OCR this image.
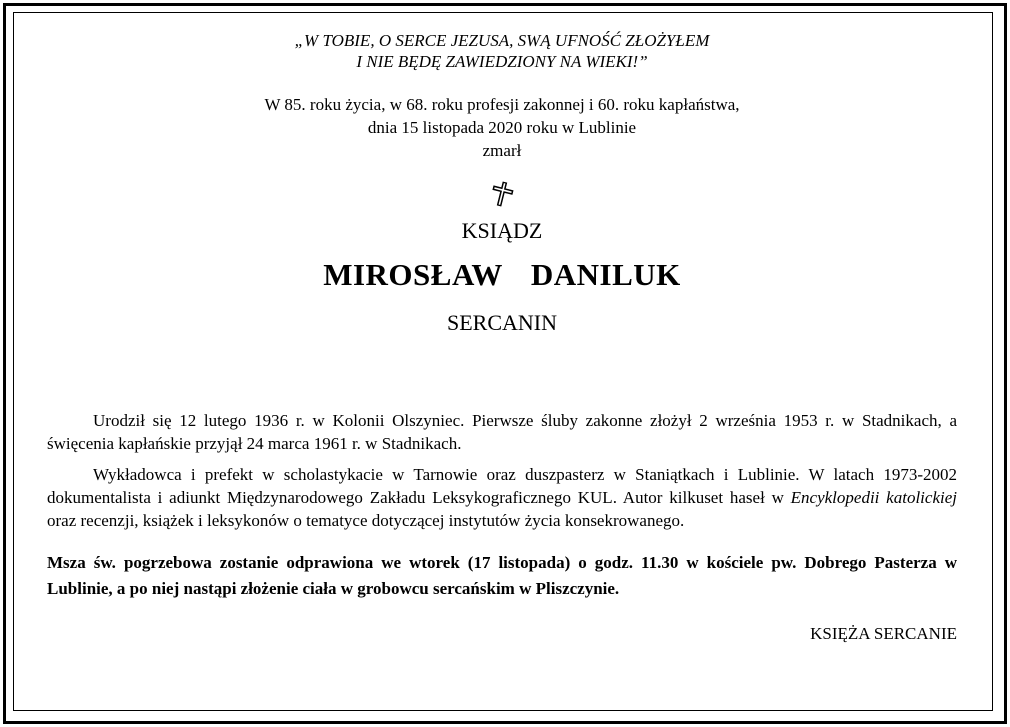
„W TOBIE, O SERCE JEZUSA, SWĄ UFNOŚĆ ZŁOŻYŁEM

I NIE BĘDĘ ZAWIEDZIONY NA WIEKI!”

W 85. roku życia, w 68. roku profesji zakonnej i 60. roku kapłaństwa,
dnia 15 listopada 2020 roku w Lublinie
zmarł
KSIĄDZ
MIROSŁAW  DANILUK
SERCANIN

Urodził się 12 lutego 1936 r. w Kolonii Olszyniec. Pierwsze śluby zakonne złożył 2 września 1953 r. w Stadnikach, a święcenia kapłańskie przyjął 24 marca 1961 r. w Stadnikach.

Wykładowca i prefekt w scholastykacie w Tarnowie oraz duszpasterz w Staniątkach i Lublinie. W latach 1973-2002 dokumentalista i adiunkt Międzynarodowego Zakładu Leksykograficznego KUL. Autor kilkuset haseł w Encyklopedii katolickiej oraz recenzji, książek i leksykonów o tematyce dotyczącej instytutów życia konsekrowanego.

Msza św. pogrzebowa zostanie odprawiona we wtorek (17 listopada) o godz. 11.30 w kościele pw. Dobrego Pasterza w Lublinie, a po niej nastąpi złożenie ciała w grobowcu sercańskim w Pliszczynie.

KSIĘŻA SERCANIE
